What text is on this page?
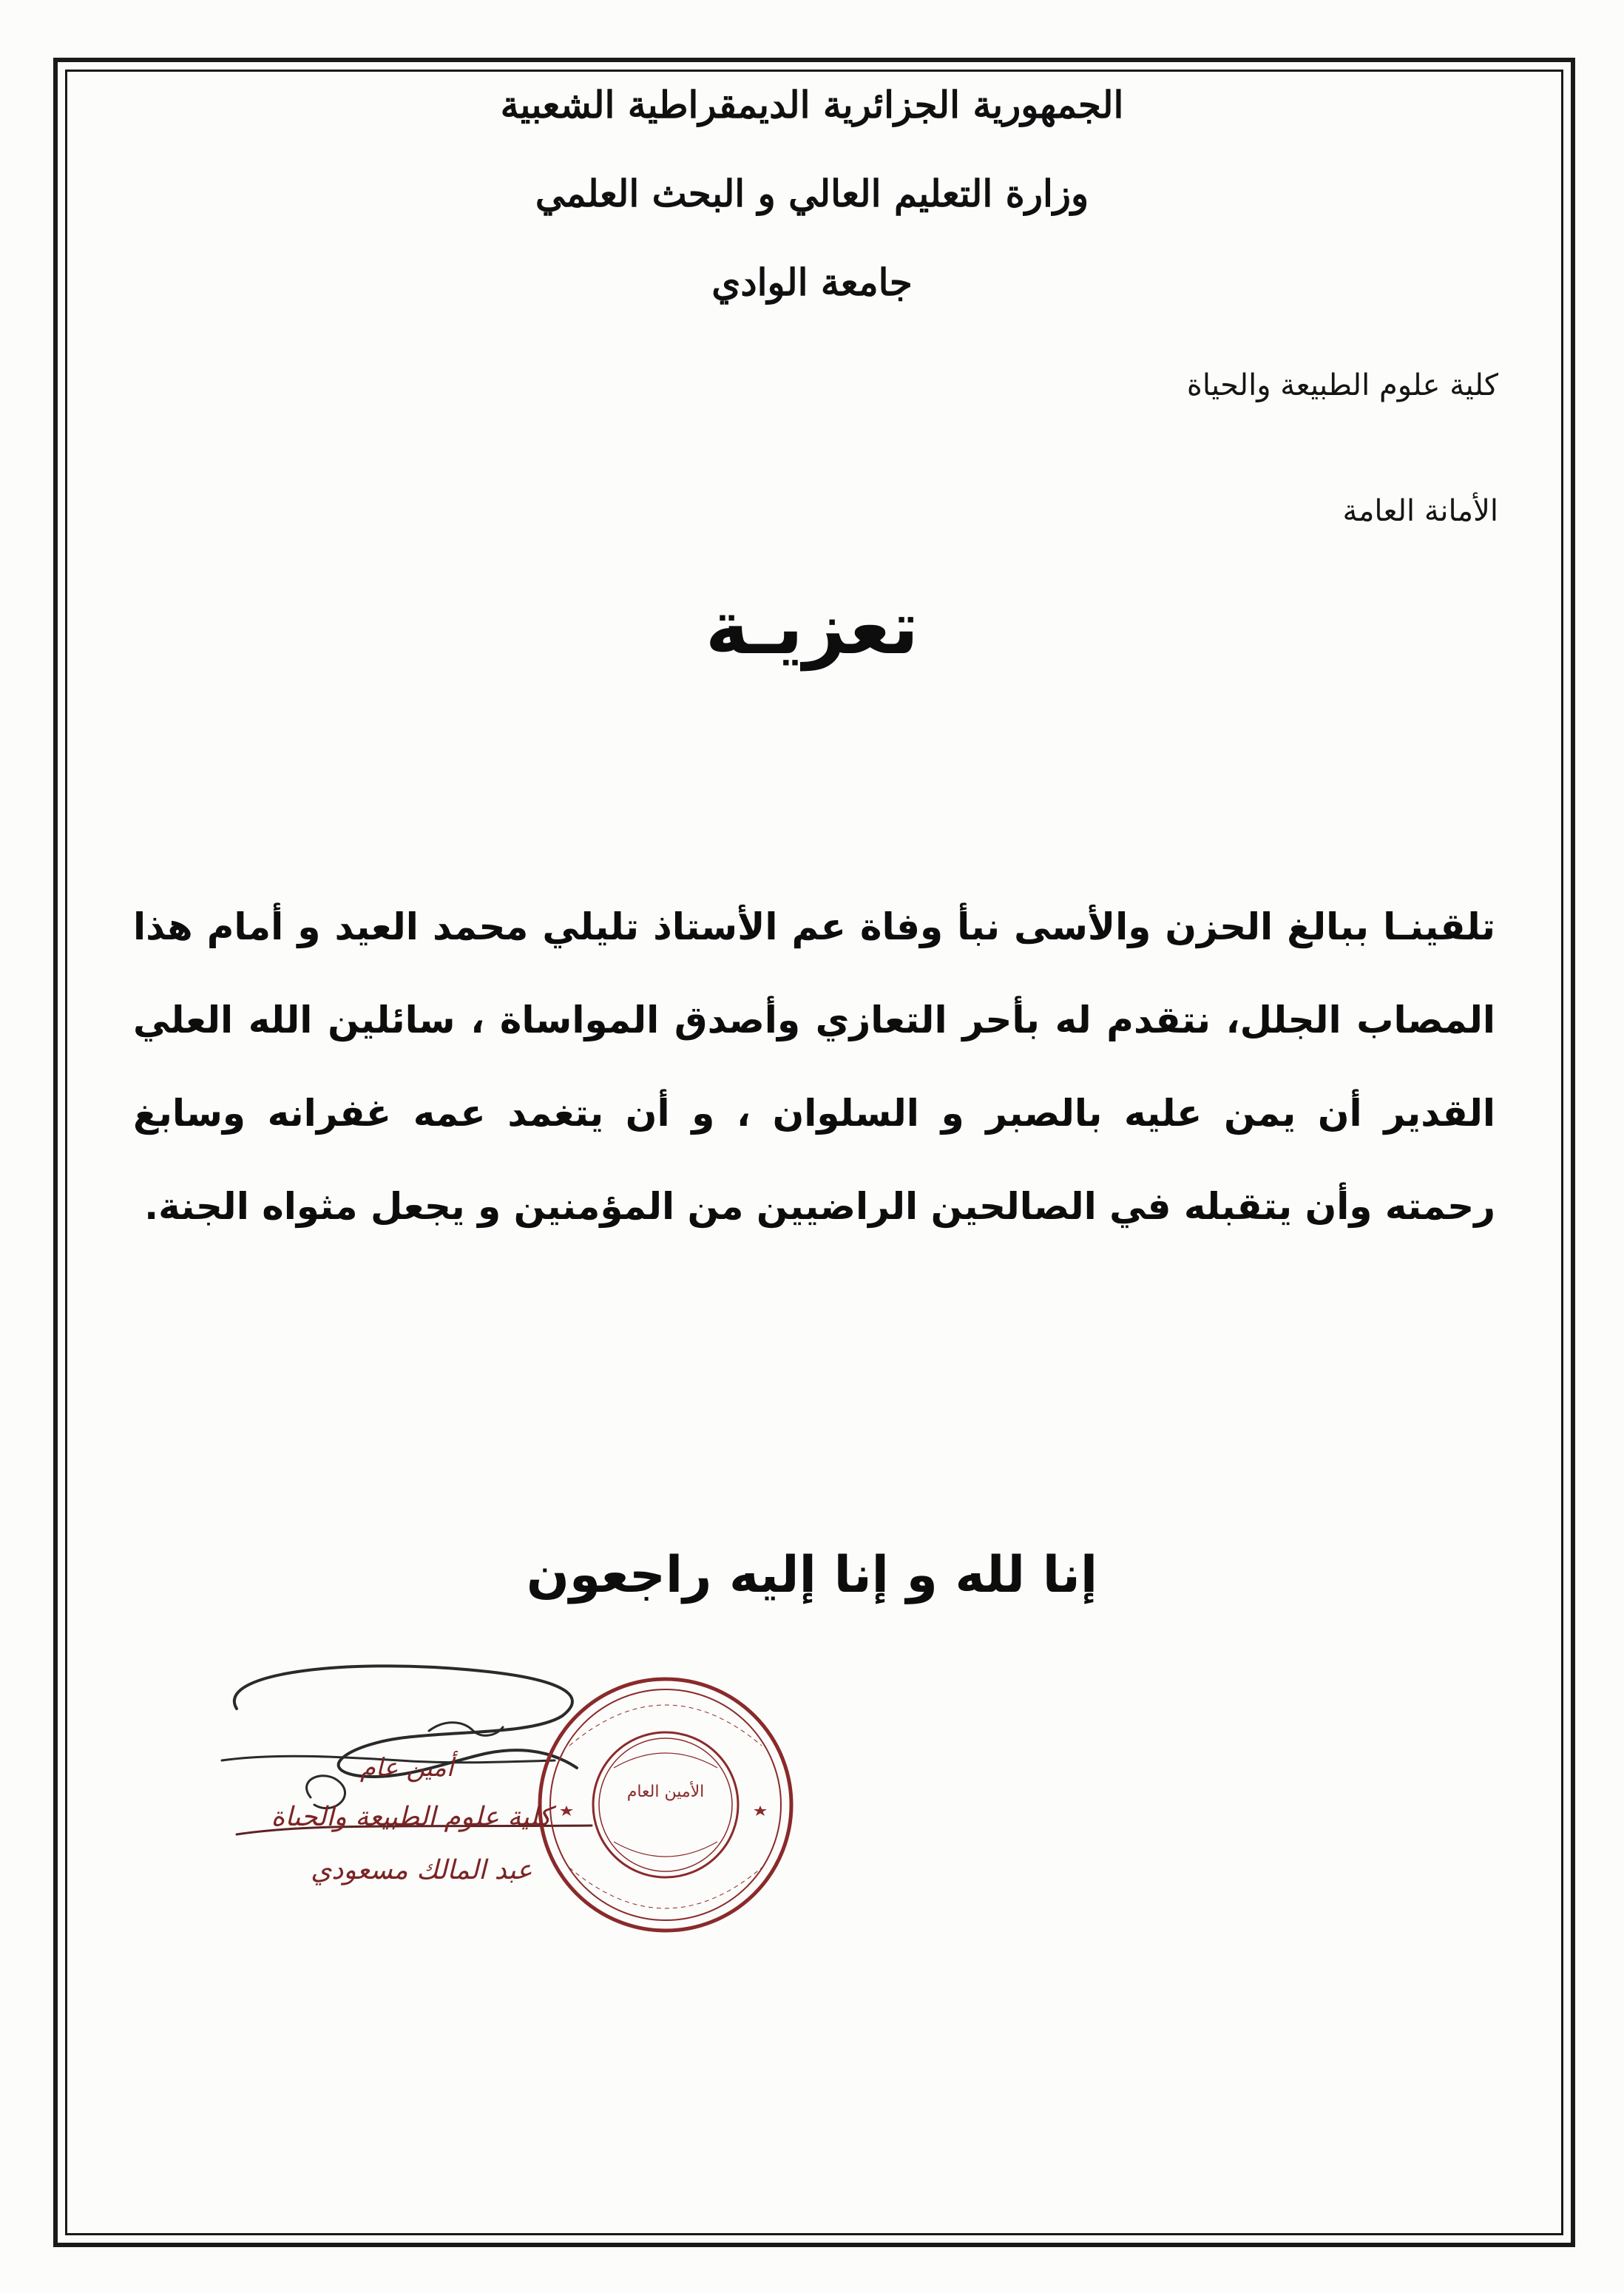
الجمهورية الجزائرية الديمقراطية الشعبية
وزارة التعليم العالي و البحث العلمي
جامعة الوادي
كلية علوم الطبيعة والحياة
الأمانة العامة
تعزيـة
تلقينـا ببالغ الحزن والأسى نبأ وفاة عم الأستاذ تليلي محمد العيد و أمام هذا المصاب الجلل، نتقدم له بأحر التعازي وأصدق المواساة ، سائلين الله العلي القدير أن يمن عليه بالصبر و السلوان ، و أن يتغمد عمه غفرانه وسابغ رحمته وأن يتقبله في الصالحين الراضيين من المؤمنين و يجعل مثواه الجنة.
إنا لله و إنا إليه راجعون
الأمين العام
أمين عام
كلية علوم الطبيعة والحياة
عبد المالك مسعودي
